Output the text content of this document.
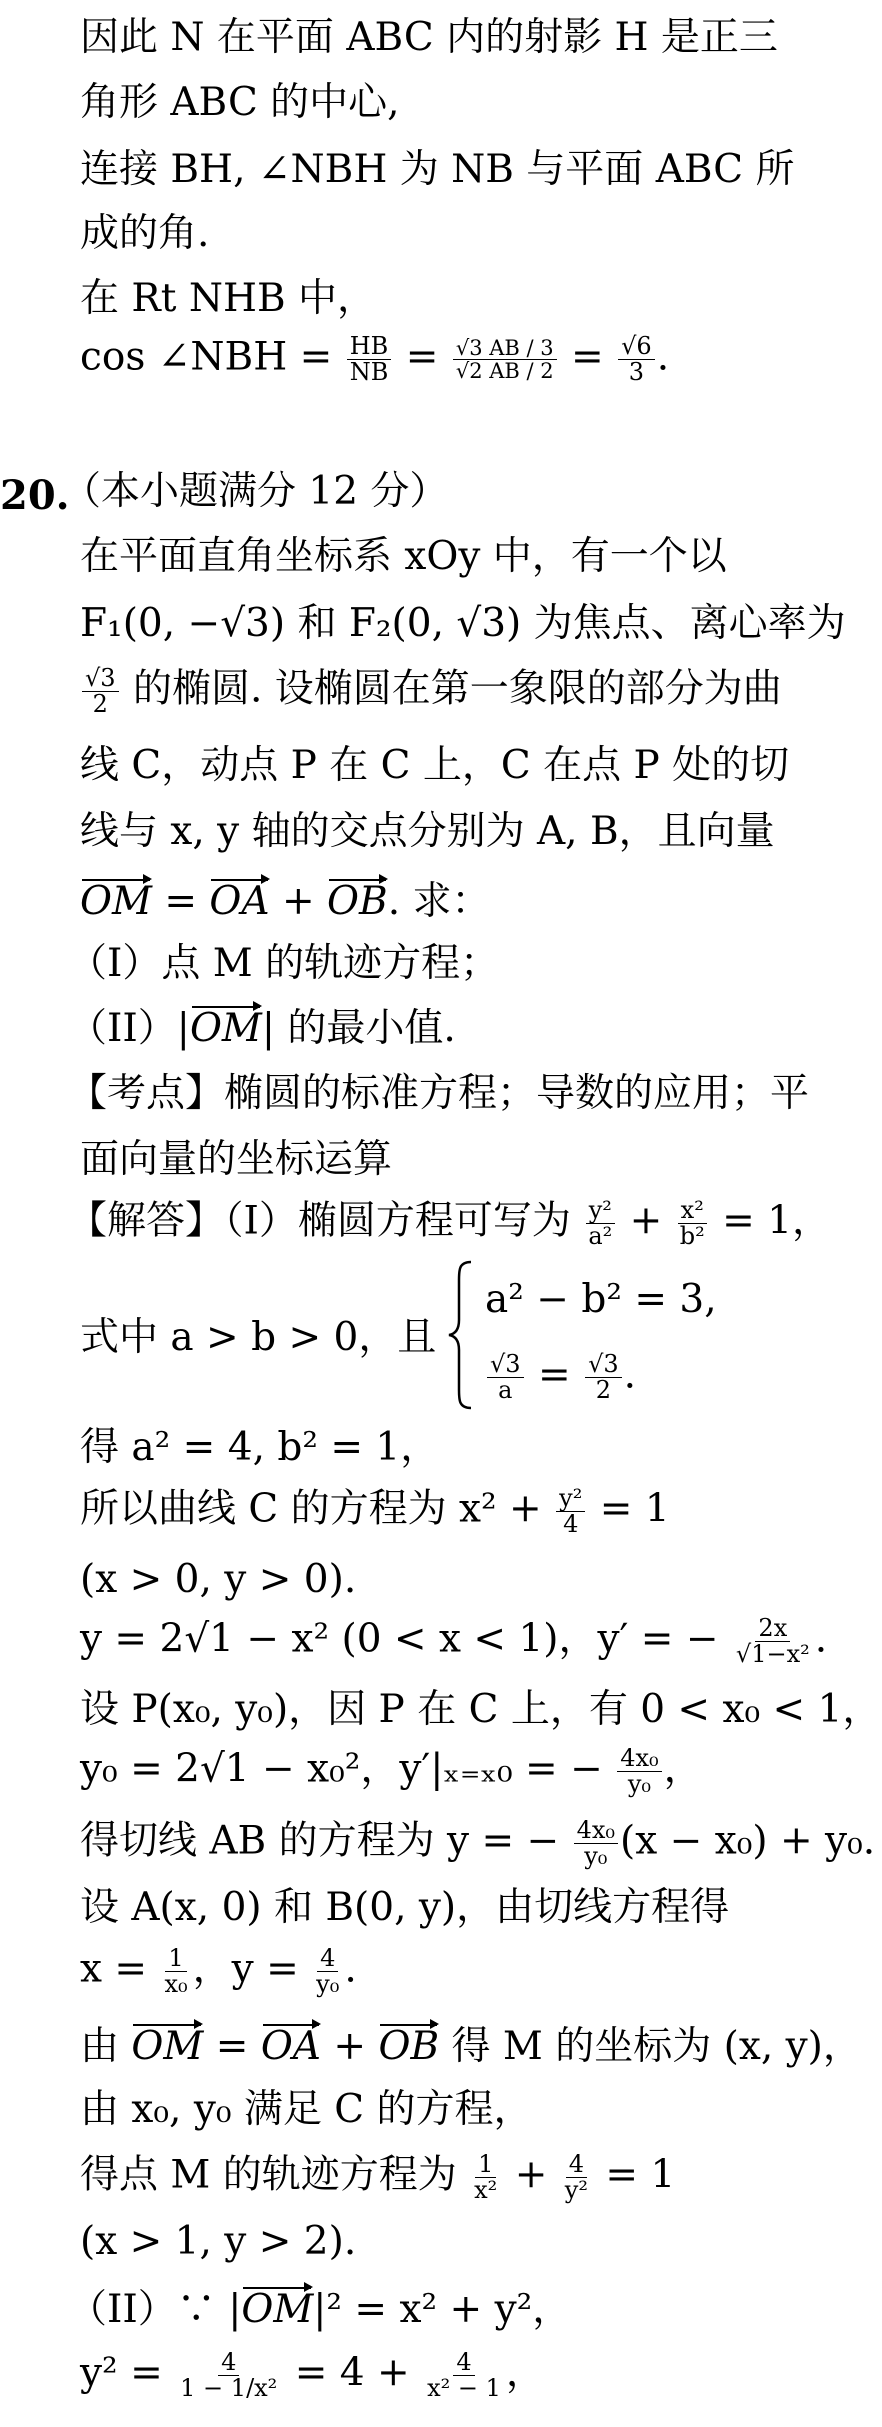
因此 N 在平面 ABC 内的射影 H 是正三
角形 ABC 的中心,
连接 BH, ∠NBH 为 NB 与平面 ABC 所
成的角.
在 Rt NHB 中，
cos ∠NBH = $\frac{HB}{NB} = \frac{√3 AB / 3}{√2 AB / 2} = \frac{√6}{3}$ .
20.
（本小题满分 12 分）
在平面直角坐标系 xOy 中，有一个以
F₁(0, −√3) 和 F₂(0, √3) 为焦点、离心率为
$\frac{√3}{2}$ 的椭圆. 设椭圆在第一象限的部分为曲
线 C，动点 P 在 C 上，C 在点 P 处的切
线与 x, y 轴的交点分别为 A, B，且向量
OM = OA + OB. 求：
（I）点 M 的轨迹方程；
（II）|OM| 的最小值.
【考点】椭圆的标准方程；导数的应用；平
面向量的坐标运算
【解答】（I）椭圆方程可写为 $\frac{\text{y²}}{\text{a²}} + \frac{\text{x²}}{\text{b²}} = 1$，
式中 a > b > 0，且
a² − b² = 3,
$\frac{√3}{a} = \frac{√3}{2}$ .
得 a² = 4, b² = 1，
所以曲线 C 的方程为 $x^2 + \frac{\text{y²}}{4} = 1$
(x > 0, y > 0).
y = 2√1 − x² (0 < x < 1)，y′ = − $\frac{2x}{\text{√1−x²}}$ .
设 P(x₀, y₀)，因 P 在 C 上，有 0 < x₀ < 1，
y₀ = 2√1 − x₀²，y′|ₓ₌ₓ₀ = − $\frac{\text{4x₀}}{\text{y₀}}$ ，
得切线 AB 的方程为 y = − $\frac{\text{4x₀}}{\text{y₀}} (x - x_0) + y_0$.
设 A(x, 0) 和 B(0, y)，由切线方程得
$x = \frac{1}{\text{x₀}}$ ，$y = \frac{4}{\text{y₀}}$ .
由 OM = OA + OB 得 M 的坐标为 (x, y)，
由 x₀, y₀ 满足 C 的方程，
得点 M 的轨迹方程为 $\frac{1}{\text{x²}} + \frac{4}{\text{y²}} = 1$
(x > 1, y > 2).
（II）∵ |OM|² = x² + y²，
$y^2 = \frac{4}{\text{1 − 1/x²}} = 4 + \frac{4}{\text{x² − 1}}$ ，
